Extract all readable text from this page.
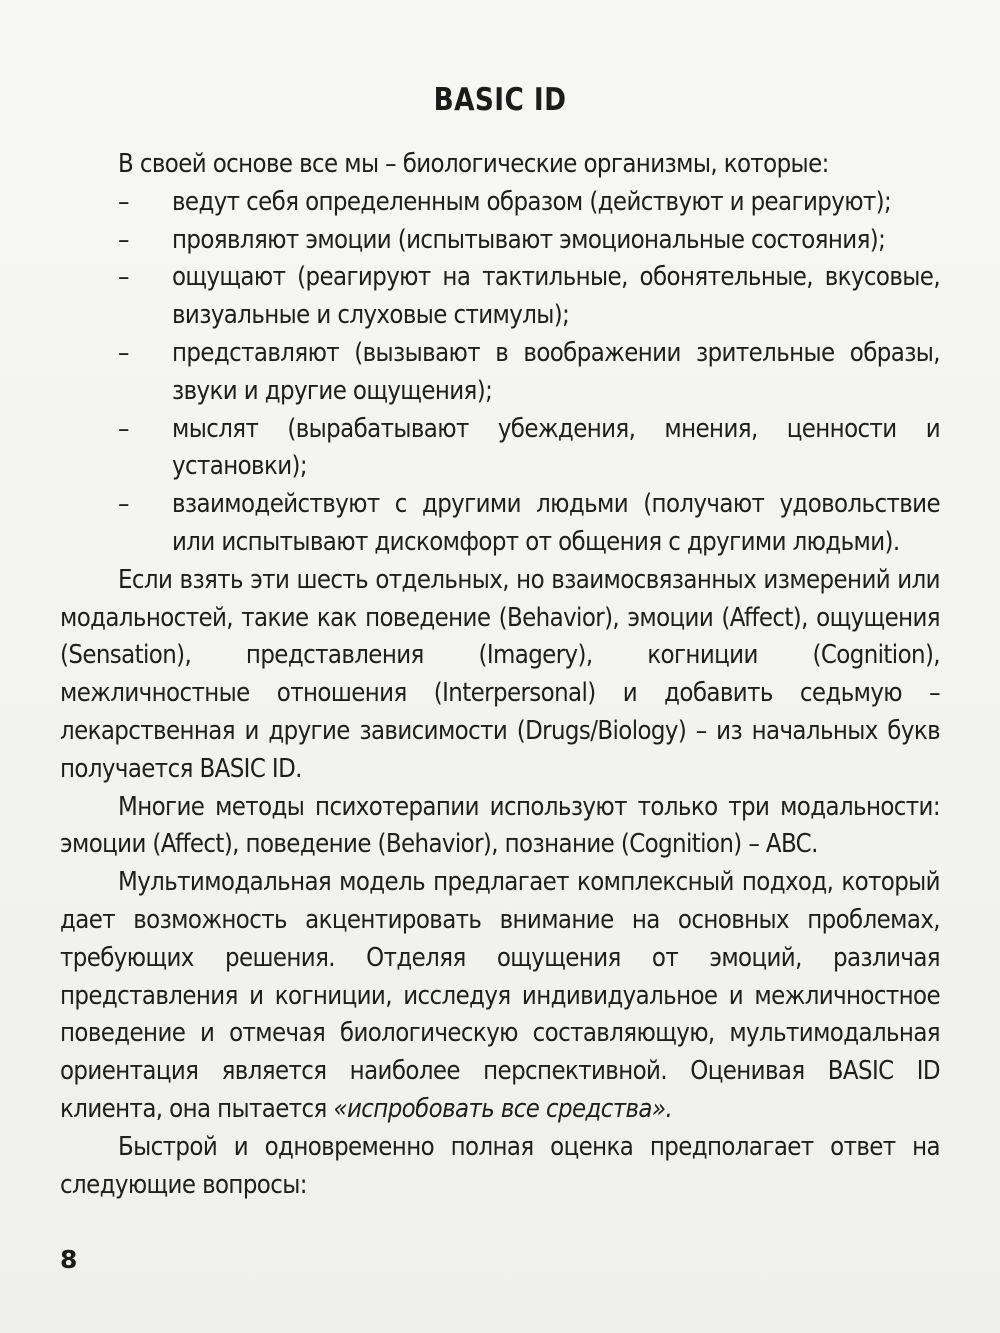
BASIC ID

В своей основе все мы – биологические организмы, которые:

– ведут себя определенным образом (действуют и реагируют);
– проявляют эмоции (испытывают эмоциональные состояния);
– ощущают (реагируют на тактильные, обонятельные, вкусовые, визуальные и слуховые стимулы);
– представляют (вызывают в воображении зрительные образы, звуки и другие ощущения);
– мыслят (вырабатывают убеждения, мнения, ценности и установки);
– взаимодействуют с другими людьми (получают удовольствие или испытывают дискомфорт от общения с другими людьми).

Если взять эти шесть отдельных, но взаимосвязанных измерений или модальностей, такие как поведение (Behavior), эмоции (Affect), ощущения (Sensation), представления (Imagery), когниции (Cognition), межличностные отношения (Interpersonal) и добавить седьмую – лекарственная и другие зависимости (Drugs/Biology) – из начальных букв получается BASIC ID.

Многие методы психотерапии используют только три модальности: эмоции (Affect), поведение (Behavior), познание (Cognition) – ABC.

Мультимодальная модель предлагает комплексный подход, который дает возможность акцентировать внимание на основных проблемах, требующих решения. Отделяя ощущения от эмоций, различая представления и когниции, исследуя индивидуальное и межличностное поведение и отмечая биологическую составляющую, мультимодальная ориентация является наиболее перспективной. Оценивая BASIC ID клиента, она пытается «испробовать все средства».

Быстрой и одновременно полная оценка предполагает ответ на следующие вопросы:

8
